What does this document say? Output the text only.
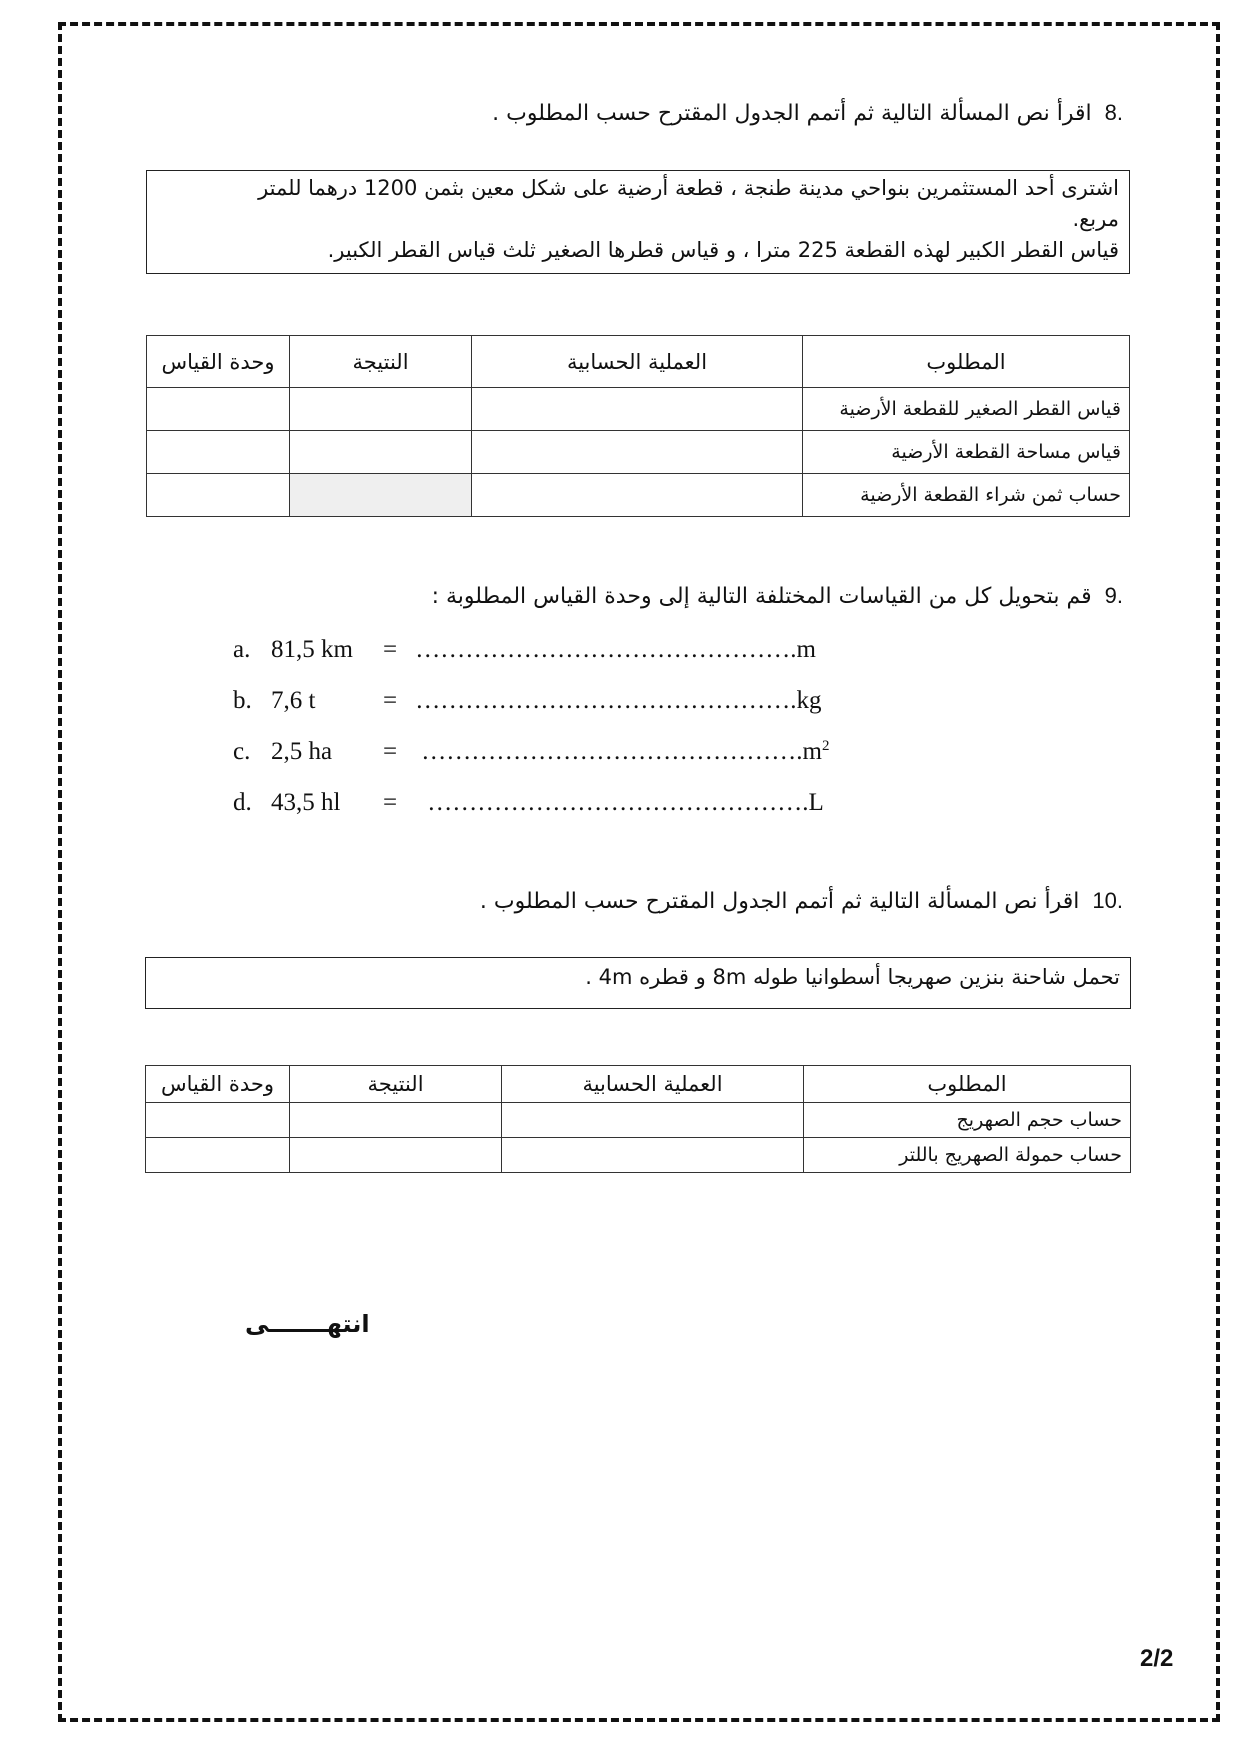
.8 اقرأ نص المسألة التالية ثم أتمم الجدول المقترح حسب المطلوب .
اشترى أحد المستثمرين بنواحي مدينة طنجة ، قطعة أرضية على شكل معين بثمن 1200 درهما للمتر
مربع.
قياس القطر الكبير لهذه القطعة 225 مترا ، و قياس قطرها الصغير ثلث قياس القطر الكبير.
المطلوب	العملية الحسابية	النتيجة	وحدة القياس
قياس القطر الصغير للقطعة الأرضية			
قياس مساحة القطعة الأرضية			
حساب ثمن شراء القطعة الأرضية			
.9 قم بتحويل كل من القياسات المختلفة التالية إلى وحدة القياس المطلوبة :
a. 81,5 km = ……………………………………….m
b. 7,6 t	= ……………………………………….kg
c. 2,5 ha = $\dots\dots\dots\dots\dots\dots\dots\dots\dots\dots\dots\dots\dots\dots\dots.m^2$
d. 43,5 hl = ……………………………………….L
.10 اقرأ نص المسألة التالية ثم أتمم الجدول المقترح حسب المطلوب .
تحمل شاحنة بنزين صهريجا أسطوانيا طوله 8m و قطره 4m .
المطلوب	العملية الحسابية	النتيجة	وحدة القياس
حساب حجم الصهريج			
حساب حمولة الصهريج باللتر			
انتهـــــــى
2/2
